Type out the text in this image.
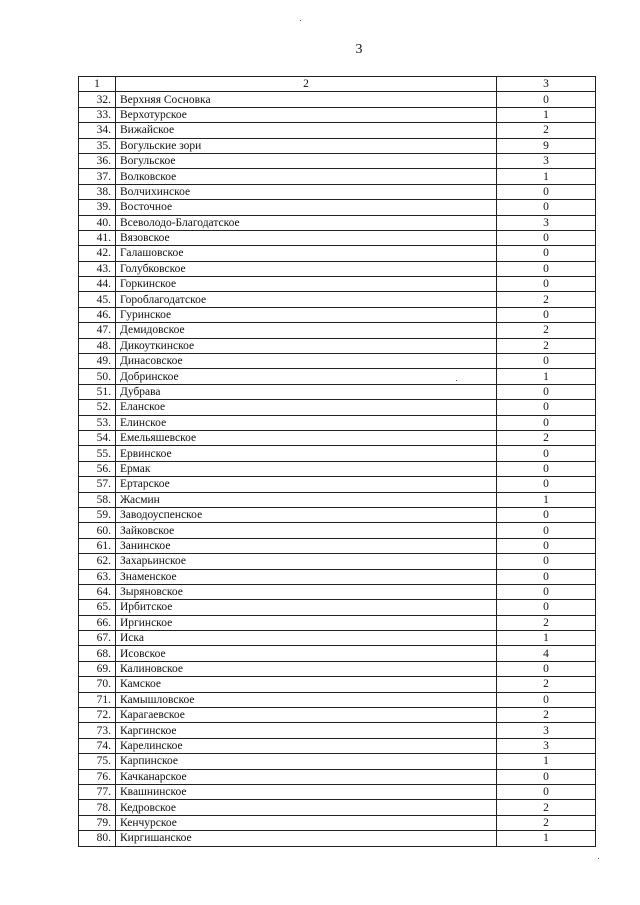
3
1	2	3
32.	Верхняя Сосновка	0
33.	Верхотурское	1
34.	Вижайское	2
35.	Вогульские зори	9
36.	Вогульское	3
37.	Волковское	1
38.	Волчихинское	0
39.	Восточное	0
40.	Всеволодо-Благодатское	3
41.	Вязовское	0
42.	Галашовское	0
43.	Голубковское	0
44.	Горкинское	0
45.	Гороблагодатское	2
46.	Гуринское	0
47.	Демидовское	2
48.	Дикоуткинское	2
49.	Динасовское	0
50.	Добринское	1
51.	Дубрава	0
52.	Еланское	0
53.	Елинское	0
54.	Емельяшевское	2
55.	Ервинское	0
56.	Ермак	0
57.	Ертарское	0
58.	Жасмин	1
59.	Заводоуспенское	0
60.	Зайковское	0
61.	Занинское	0
62.	Захарьинское	0
63.	Знаменское	0
64.	Зыряновское	0
65.	Ирбитское	0
66.	Иргинское	2
67.	Иска	1
68.	Исовское	4
69.	Калиновское	0
70.	Камское	2
71.	Камышловское	0
72.	Карагаевское	2
73.	Каргинское	3
74.	Карелинское	3
75.	Карпинское	1
76.	Качканарское	0
77.	Квашнинское	0
78.	Кедровское	2
79.	Кенчурское	2
80.	Киргишанское	1
